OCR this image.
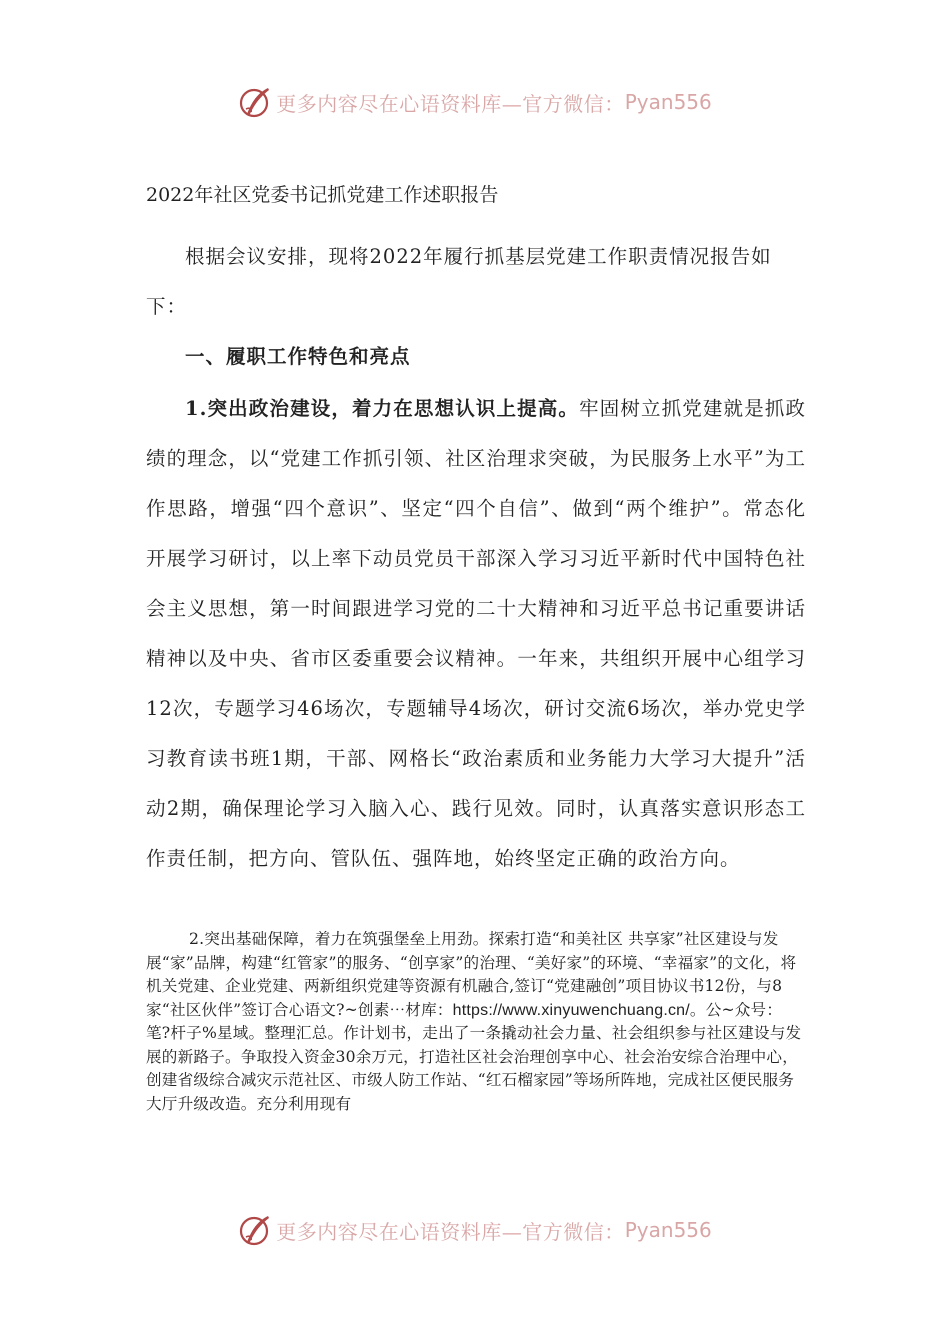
更多内容尽在心语资料库—官方微信： Pyan556
2022年社区党委书记抓党建工作述职报告
根据会议安排，现将2022年履行抓基层党建工作职责情况报告如下：
一、履职工作特色和亮点
1.突出政治建设，着力在思想认识上提高。牢固树立抓党建就是抓政绩的理念，以“党建工作抓引领、社区治理求突破，为民服务上水平”为工作思路，增强“四个意识”、坚定“四个自信”、做到“两个维护”。常态化开展学习研讨，以上率下动员党员干部深入学习习近平新时代中国特色社会主义思想，第一时间跟进学习党的二十大精神和习近平总书记重要讲话精神以及中央、省市区委重要会议精神。一年来，共组织开展中心组学习12次，专题学习46场次，专题辅导4场次，研讨交流6场次，举办党史学习教育读书班1期，干部、网格长“政治素质和业务能力大学习大提升”活动2期，确保理论学习入脑入心、践行见效。同时，认真落实意识形态工作责任制，把方向、管队伍、强阵地，始终坚定正确的政治方向。
2.突出基础保障，着力在筑强堡垒上用劲。探索打造“和美社区 共享家”社区建设与发展“家”品牌，构建“红管家”的服务、“创享家”的治理、“美好家”的环境、“幸福家”的文化，将机关党建、企业党建、两新组织党建等资源有机融合,签订“党建融创”项目协议书12份，与8家“社区伙伴”签订合心语文?~创素⋯材库：https://www.xinyuwenchuang.cn/。公~众号：笔?杆子%星域。整理汇总。作计划书，走出了一条撬动社会力量、社会组织参与社区建设与发展的新路子。争取投入资金30余万元，打造社区社会治理创享中心、社会治安综合治理中心，创建省级综合减灾示范社区、市级人防工作站、“红石榴家园”等场所阵地，完成社区便民服务大厅升级改造。充分利用现有
更多内容尽在心语资料库—官方微信： Pyan556
